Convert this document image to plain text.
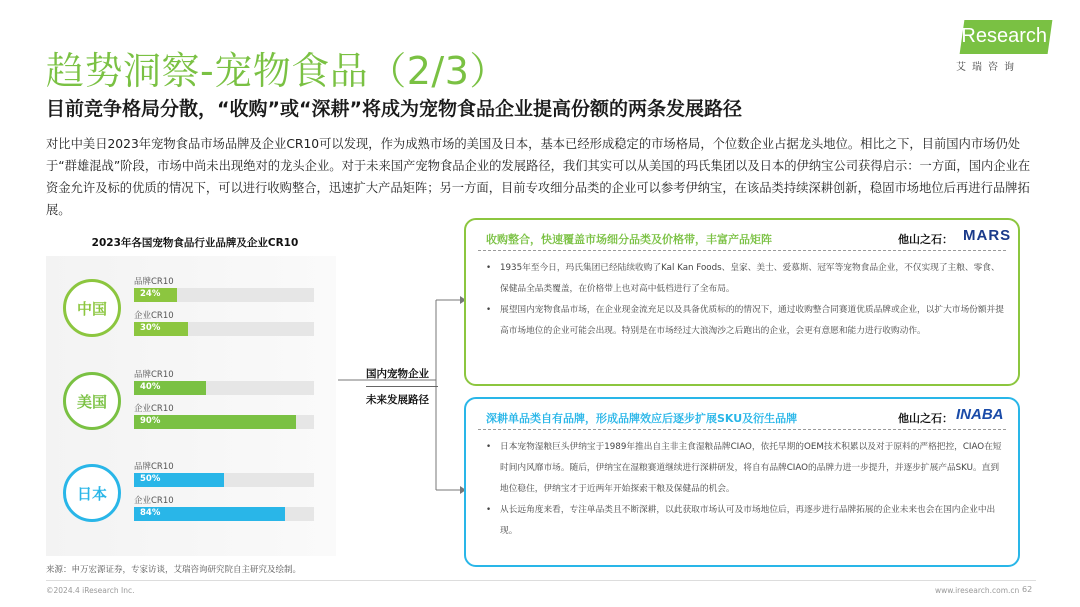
趋势洞察-宠物食品（2/3）
目前竞争格局分散，“收购”或“深耕”将成为宠物食品企业提高份额的两条发展路径
iResearch
艾瑞咨询
对比中美日2023年宠物食品市场品牌及企业CR10可以发现，作为成熟市场的美国及日本，基本已经形成稳定的市场格局，个位数企业占据龙头地位。相比之下，目前国内市场仍处于“群雄混战”阶段，市场中尚未出现绝对的龙头企业。对于未来国产宠物食品企业的发展路径，我们其实可以从美国的玛氏集团以及日本的伊纳宝公司获得启示：一方面，国内企业在资金允许及标的优质的情况下，可以进行收购整合，迅速扩大产品矩阵；另一方面，目前专攻细分品类的企业可以参考伊纳宝，在该品类持续深耕创新，稳固市场地位后再进行品牌拓展。
2023年各国宠物食品行业品牌及企业CR10
国内宠物企业
未来发展路径
收购整合，快速覆盖市场细分品类及价格带，丰富产品矩阵	他山之石： MARS
• 1935年至今日，玛氏集团已经陆续收购了Kal Kan Foods、皇家、美士、爱慕斯、冠军等宠物食品企业，不仅实现了主粮、零食、保健品全品类覆盖，在价格带上也对高中低档进行了全布局。
• 展望国内宠物食品市场，在企业现金流充足以及具备优质标的的情况下，通过收购整合同赛道优质品牌或企业，以扩大市场份额并提高市场地位的企业可能会出现。特别是在市场经过大浪淘沙之后跑出的企业，会更有意愿和能力进行收购动作。
深耕单品类自有品牌，形成品牌效应后逐步扩展SKU及衍生品牌	他山之石： INABA
• 日本宠物湿粮巨头伊纳宝于1989年推出自主非主食湿粮品牌CIAO，依托早期的OEM技术积累以及对于原料的严格把控，CIAO在短时间内风靡市场。随后，伊纳宝在湿粮赛道继续进行深耕研发，将自有品牌CIAO的品牌力进一步提升，并逐步扩展产品SKU。直到地位稳住，伊纳宝才于近两年开始探索干粮及保健品的机会。
• 从长远角度来看，专注单品类且不断深耕，以此获取市场认可及市场地位后，再逐步进行品牌拓展的企业未来也会在国内企业中出现。
来源：申万宏源证券，专家访谈，艾瑞咨询研究院自主研究及绘制。
©2024.4 iResearch Inc.	www.iresearch.com.cn 62
中国
品牌CR10
24%
企业CR10
30%
美国
品牌CR10
40%
企业CR10
90%
日本
品牌CR10
50%
企业CR10
84%
